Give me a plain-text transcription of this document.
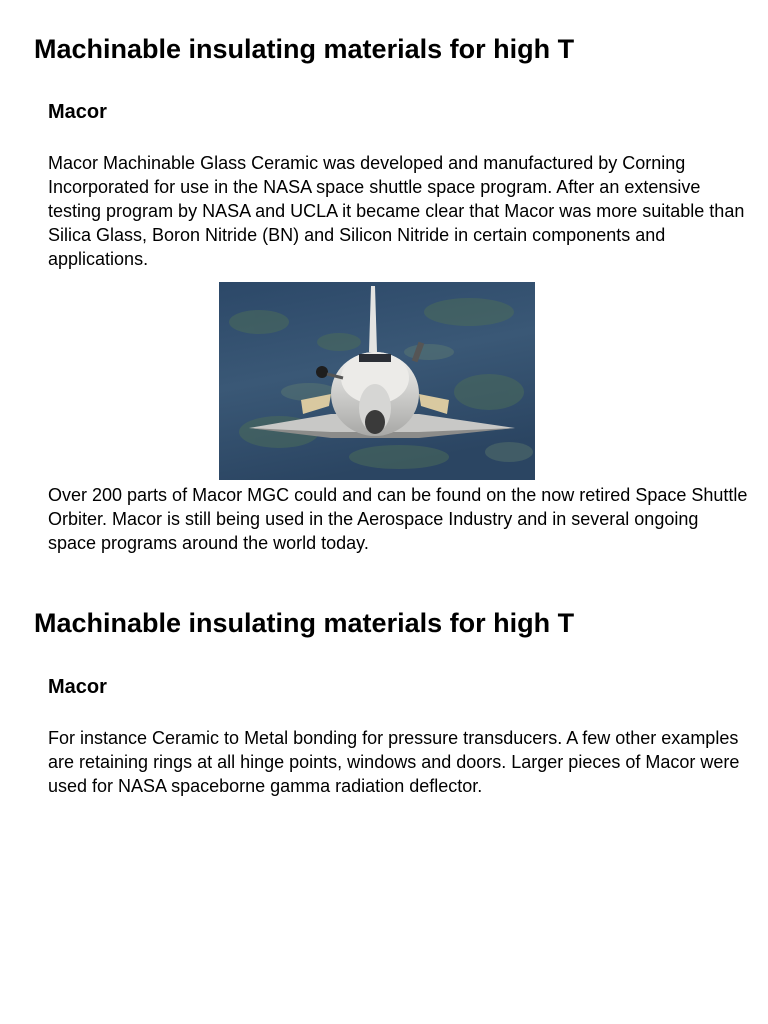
Machinable insulating materials for high T
Macor

Macor Machinable Glass Ceramic was developed and manufactured by Corning Incorporated for use in the NASA space shuttle space program. After an extensive testing program by NASA and UCLA it became clear that Macor was more suitable than Silica Glass, Boron Nitride (BN) and Silicon Nitride in certain components and applications.

Over 200 parts of Macor MGC could and can be found on the now retired Space Shuttle Orbiter. Macor is still being used in the Aerospace Industry and in several ongoing space programs around the world today.

Machinable insulating materials for high T
Macor

For instance Ceramic to Metal bonding for pressure transducers. A few other examples are retaining rings at all hinge points, windows and doors. Larger pieces of Macor were used for NASA spaceborne gamma radiation deflector.
